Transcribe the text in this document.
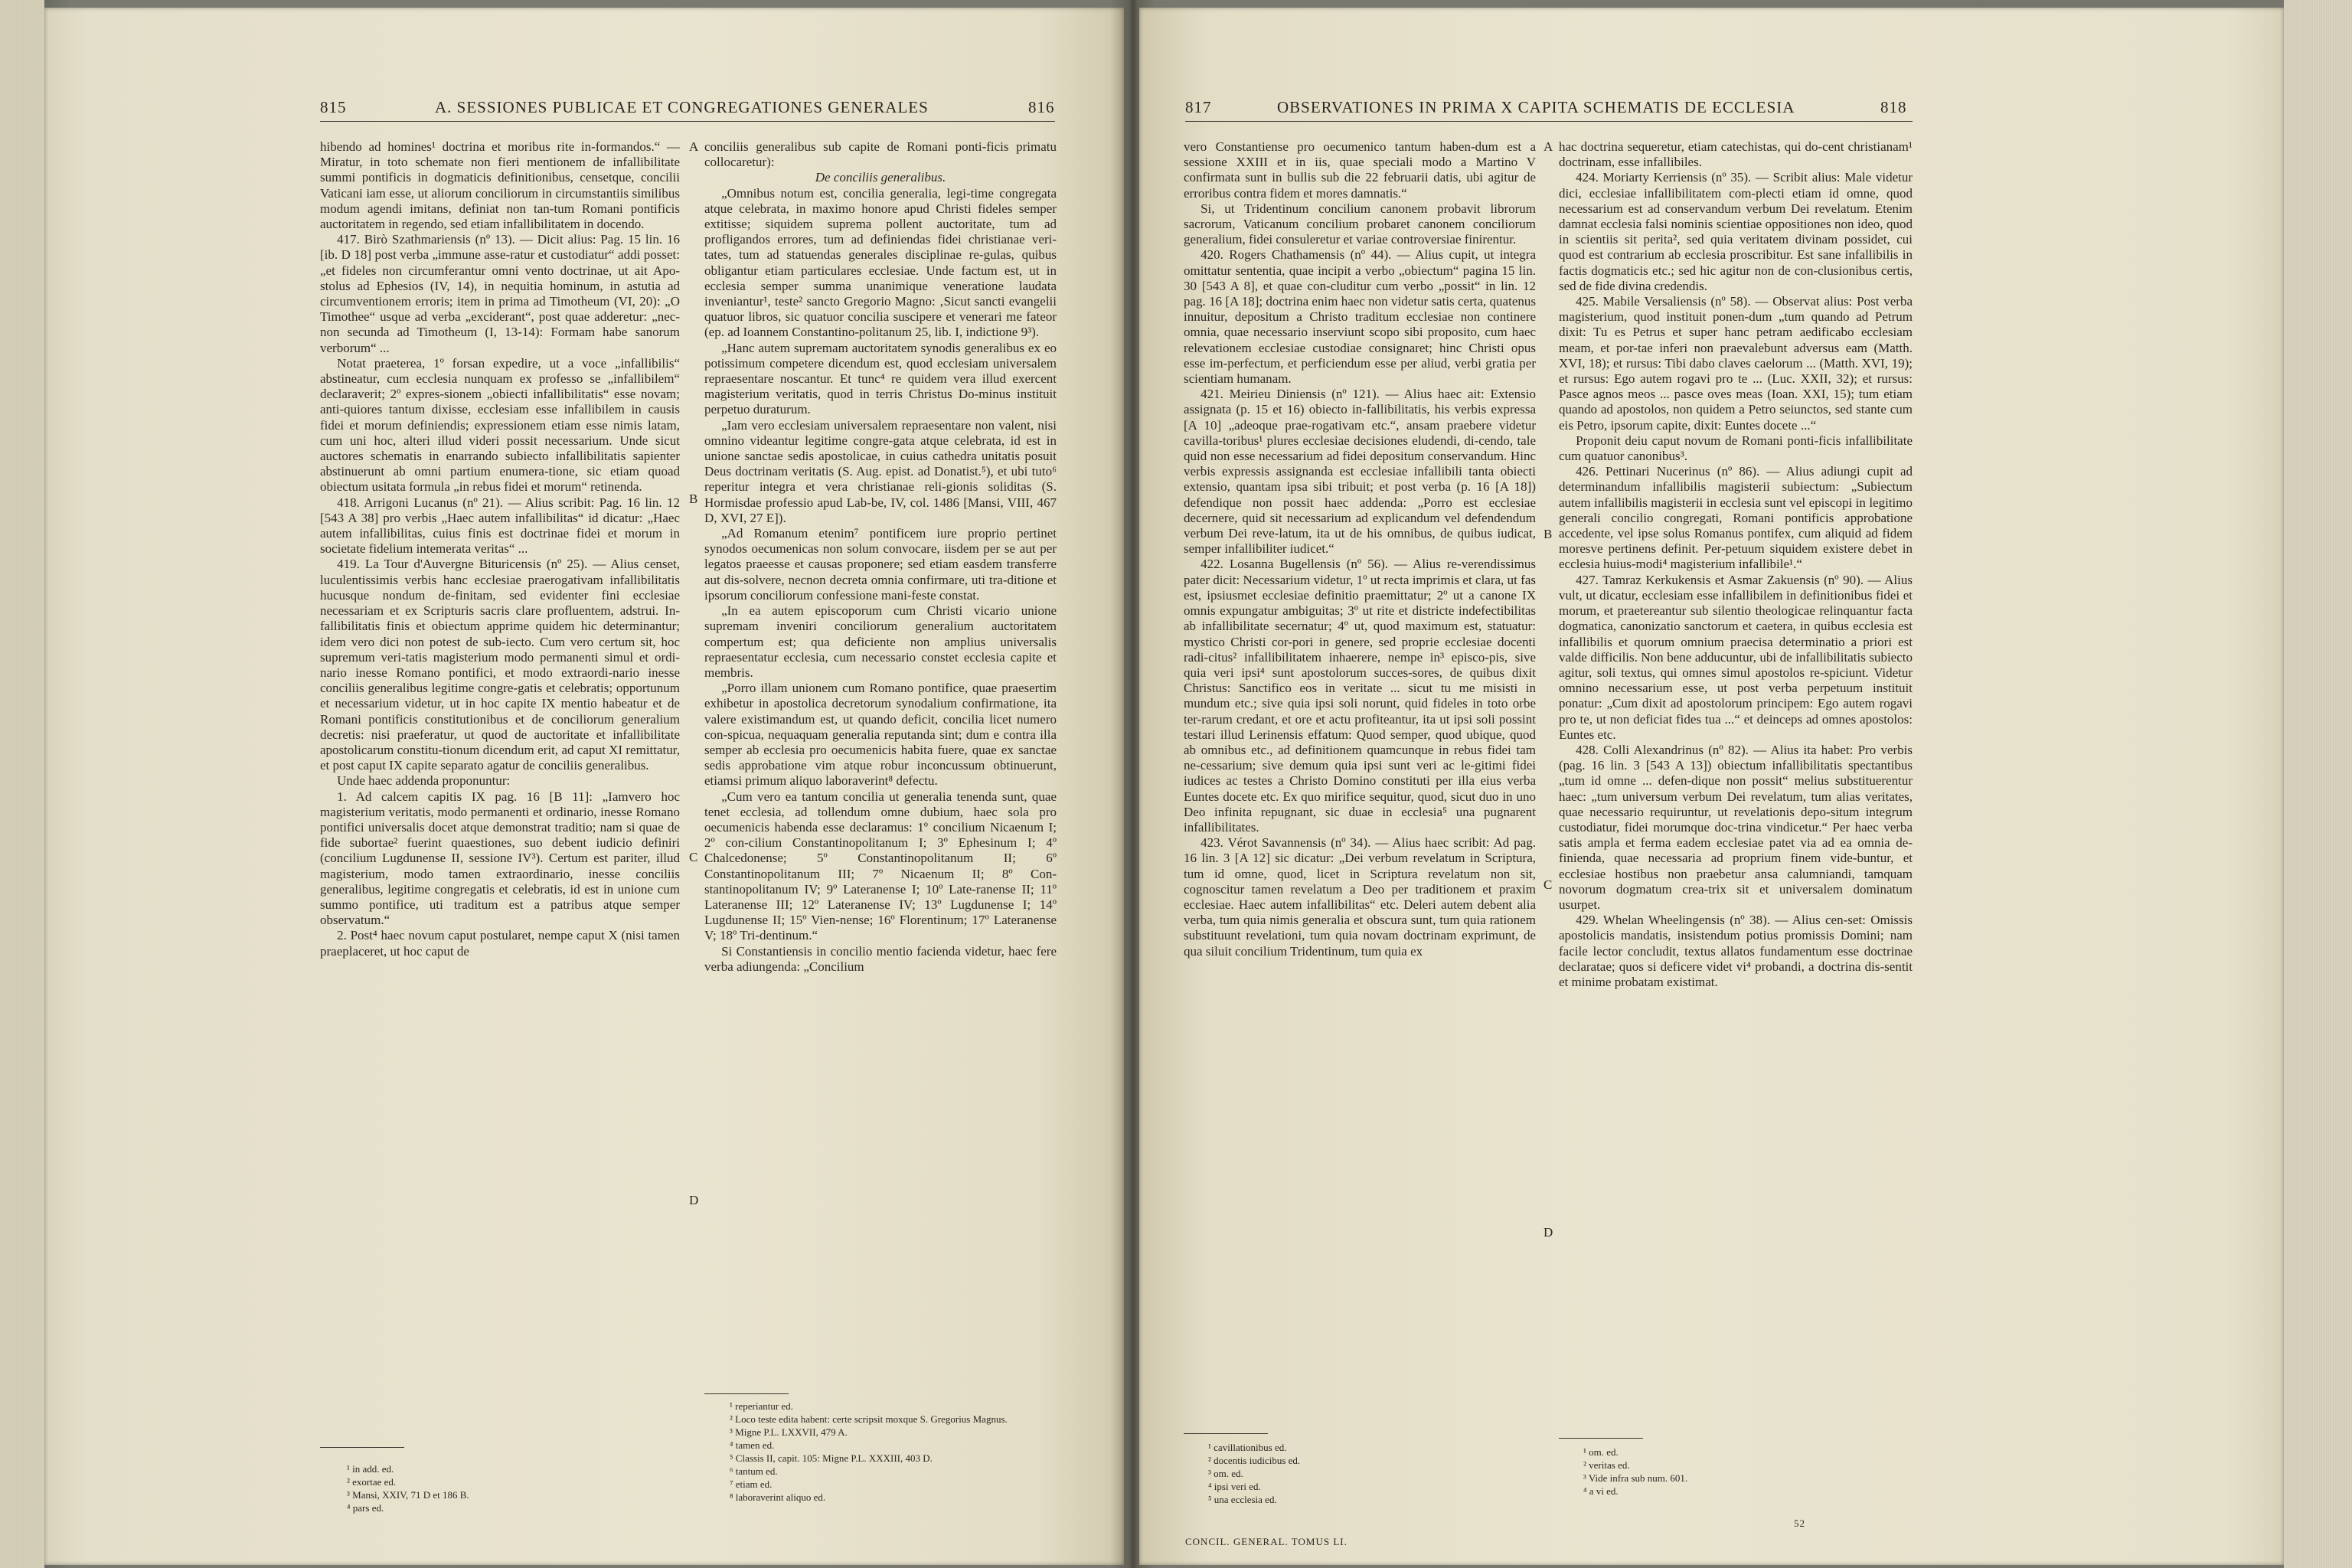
815	A. SESSIONES PUBLICAE ET CONGREGATIONES GENERALES	816

hibendo ad homines¹ doctrina et moribus rite in-formandos.“ — Miratur, in toto schemate non fieri mentionem de infallibilitate summi pontificis in dogmaticis definitionibus, censetque, concilii Vaticani iam esse, ut aliorum conciliorum in circumstantiis similibus modum agendi imitans, definiat non tan-tum Romani pontificis auctoritatem in regendo, sed etiam infallibilitatem in docendo.

417. Birò Szathmariensis (nº 13). — Dicit alius: Pag. 15 lin. 16 [ib. D 18] post verba „immune asse-ratur et custodiatur“ addi posset: „et fideles non circumferantur omni vento doctrinae, ut ait Apo-stolus ad Ephesios (IV, 14), in nequitia hominum, in astutia ad circumventionem erroris; item in prima ad Timotheum (VI, 20): „O Timothee“ usque ad verba „exciderant“, post quae adderetur: „nec-non secunda ad Timotheum (I, 13-14): Formam habe sanorum verborum“ ...

Notat praeterea, 1º forsan expedire, ut a voce „infallibilis“ abstineatur, cum ecclesia nunquam ex professo se „infallibilem“ declaraverit; 2º expres-sionem „obiecti infallibilitatis“ esse novam; anti-quiores tantum dixisse, ecclesiam esse infallibilem in causis fidei et morum definiendis; expressionem etiam esse nimis latam, cum uni hoc, alteri illud videri possit necessarium. Unde sicut auctores schematis in enarrando subiecto infallibilitatis sapienter abstinuerunt ab omni partium enumera-tione, sic etiam quoad obiectum usitata formula „in rebus fidei et morum“ retinenda.

418. Arrigoni Lucanus (nº 21). — Alius scribit: Pag. 16 lin. 12 [543 A 38] pro verbis „Haec autem infallibilitas“ id dicatur: „Haec autem infallibilitas, cuius finis est doctrinae fidei et morum in societate fidelium intemerata veritas“ ...

419. La Tour d'Auvergne Bituricensis (nº 25). — Alius censet, luculentissimis verbis hanc ecclesiae praerogativam infallibilitatis hucusque nondum de-finitam, sed evidenter fini ecclesiae necessariam et ex Scripturis sacris clare profluentem, adstrui. In-fallibilitatis finis et obiectum apprime quidem hic determinantur; idem vero dici non potest de sub-iecto. Cum vero certum sit, hoc supremum veri-tatis magisterium modo permanenti simul et ordi-nario inesse Romano pontifici, et modo extraordi-nario inesse conciliis generalibus legitime congre-gatis et celebratis; opportunum et necessarium videtur, ut in hoc capite IX mentio habeatur et de Romani pontificis constitutionibus et de conciliorum generalium decretis: nisi praeferatur, ut quod de auctoritate et infallibilitate apostolicarum constitu-tionum dicendum erit, ad caput XI remittatur, et post caput IX capite separato agatur de conciliis generalibus.

Unde haec addenda proponuntur:

1. Ad calcem capitis IX pag. 16 [B 11]: „Iamvero hoc magisterium veritatis, modo permanenti et ordinario, inesse Romano pontifici universalis docet atque demonstrat traditio; nam si quae de fide subortae² fuerint quaestiones, suo debent iudicio definiri (concilium Lugdunense II, sessione IV³). Certum est pariter, illud magisterium, modo tamen extraordinario, inesse conciliis generalibus, legitime congregatis et celebratis, id est in unione cum summo pontifice, uti traditum est a patribus atque semper observatum.“

2. Post⁴ haec novum caput postularet, nempe caput X (nisi tamen praeplaceret, ut hoc caput de

A
B
C
D

conciliis generalibus sub capite de Romani ponti-ficis primatu collocaretur):

De conciliis generalibus.

„Omnibus notum est, concilia generalia, legi-time congregata atque celebrata, in maximo honore apud Christi fideles semper extitisse; siquidem suprema pollent auctoritate, tum ad profligandos errores, tum ad definiendas fidei christianae veri-tates, tum ad statuendas generales disciplinae re-gulas, quibus obligantur etiam particulares ecclesiae. Unde factum est, ut in ecclesia semper summa unanimique veneratione laudata inveniantur¹, teste² sancto Gregorio Magno: ‚Sicut sancti evangelii quatuor libros, sic quatuor concilia suscipere et venerari me fateor (ep. ad Ioannem Constantino-politanum 25, lib. I, indictione 9³).

„Hanc autem supremam auctoritatem synodis generalibus ex eo potissimum competere dicendum est, quod ecclesiam universalem repraesentare noscantur. Et tunc⁴ re quidem vera illud exercent magisterium veritatis, quod in terris Christus Do-minus instituit perpetuo duraturum.

„Iam vero ecclesiam universalem repraesentare non valent, nisi omnino videantur legitime congre-gata atque celebrata, id est in unione sanctae sedis apostolicae, in cuius cathedra unitatis posuit Deus doctrinam veritatis (S. Aug. epist. ad Donatist.⁵), et ubi tuto⁶ reperitur integra et vera christianae reli-gionis soliditas (S. Hormisdae professio apud Lab-be, IV, col. 1486 [Mansi, VIII, 467 D, XVI, 27 E]).

„Ad Romanum etenim⁷ pontificem iure proprio pertinet synodos oecumenicas non solum convocare, iisdem per se aut per legatos praeesse et causas proponere; sed etiam easdem transferre aut dis-solvere, necnon decreta omnia confirmare, uti tra-ditione et ipsorum conciliorum confessione mani-feste constat.

„In ea autem episcoporum cum Christi vicario unione supremam inveniri conciliorum generalium auctoritatem compertum est; qua deficiente non amplius universalis repraesentatur ecclesia, cum necessario constet ecclesia capite et membris.

„Porro illam unionem cum Romano pontifice, quae praesertim exhibetur in apostolica decretorum synodalium confirmatione, ita valere existimandum est, ut quando deficit, concilia licet numero con-spicua, nequaquam generalia reputanda sint; dum e contra illa semper ab ecclesia pro oecumenicis habita fuere, quae ex sanctae sedis approbatione vim atque robur inconcussum obtinuerunt, etiamsi primum aliquo laboraverint⁸ defectu.

„Cum vero ea tantum concilia ut generalia tenenda sunt, quae tenet ecclesia, ad tollendum omne dubium, haec sola pro oecumenicis habenda esse declaramus: 1º concilium Nicaenum I; 2º con-cilium Constantinopolitanum I; 3º Ephesinum I; 4º Chalcedonense; 5º Constantinopolitanum II; 6º Constantinopolitanum III; 7º Nicaenum II; 8º Con-stantinopolitanum IV; 9º Lateranense I; 10º Late-ranense II; 11º Lateranense III; 12º Lateranense IV; 13º Lugdunense I; 14º Lugdunense II; 15º Vien-nense; 16º Florentinum; 17º Lateranense V; 18º Tri-dentinum.“

Si Constantiensis in concilio mentio facienda videtur, haec fere verba adiungenda: „Concilium

¹ in add. ed.
² exortae ed.
³ Mansi, XXIV, 71 D et 186 B.
⁴ pars ed.
¹ reperiantur ed.
² Loco teste edita habent: certe scripsit moxque S. Gregorius Magnus.
³ Migne P.L. LXXVII, 479 A.
⁴ tamen ed.
⁵ Classis II, capit. 105: Migne P.L. XXXIII, 403 D.
⁶ tantum ed.
⁷ etiam ed.
⁸ laboraverint aliquo ed.
817	OBSERVATIONES IN PRIMA X CAPITA SCHEMATIS DE ECCLESIA	818

vero Constantiense pro oecumenico tantum haben-dum est a sessione XXIII et in iis, quae speciali modo a Martino V confirmata sunt in bullis sub die 22 februarii datis, ubi agitur de erroribus contra fidem et mores damnatis.“

Si, ut Tridentinum concilium canonem probavit librorum sacrorum, Vaticanum concilium probaret canonem conciliorum generalium, fidei consuleretur et variae controversiae finirentur.

420. Rogers Chathamensis (nº 44). — Alius cupit, ut integra omittatur sententia, quae incipit a verbo „obiectum“ pagina 15 lin. 30 [543 A 8], et quae con-cluditur cum verbo „possit“ in lin. 12 pag. 16 [A 18]; doctrina enim haec non videtur satis certa, quatenus innuitur, depositum a Christo traditum ecclesiae non continere omnia, quae necessario inserviunt scopo sibi proposito, cum haec relevationem ecclesiae custodiae consignaret; hinc Christi opus esse im-perfectum, et perficiendum esse per aliud, verbi gratia per scientiam humanam.

421. Meirieu Diniensis (nº 121). — Alius haec ait: Extensio assignata (p. 15 et 16) obiecto in-fallibilitatis, his verbis expressa [A 10] „adeoque prae-rogativam etc.“, ansam praebere videtur cavilla-toribus¹ plures ecclesiae decisiones eludendi, di-cendo, tale quid non esse necessarium ad fidei depositum conservandum. Hinc verbis expressis assignanda est ecclesiae infallibili tanta obiecti extensio, quantam ipsa sibi tribuit; et post verba (p. 16 [A 18]) defendique non possit haec addenda: „Porro est ecclesiae decernere, quid sit necessarium ad explicandum vel defendendum verbum Dei reve-latum, ita ut de his omnibus, de quibus iudicat, semper infallibiliter iudicet.“

422. Losanna Bugellensis (nº 56). — Alius re-verendissimus pater dicit: Necessarium videtur, 1º ut recta imprimis et clara, ut fas est, ipsiusmet ecclesiae definitio praemittatur; 2º ut a canone IX omnis expungatur ambiguitas; 3º ut rite et districte indefectibilitas ab infallibilitate secernatur; 4º ut, quod maximum est, statuatur: mystico Christi cor-pori in genere, sed proprie ecclesiae docenti radi-citus² infallibilitatem inhaerere, nempe in³ episco-pis, sive quia veri ipsi⁴ sunt apostolorum succes-sores, de quibus dixit Christus: Sanctifico eos in veritate ... sicut tu me misisti in mundum etc.; sive quia ipsi soli norunt, quid fideles in toto orbe ter-rarum credant, et ore et actu profiteantur, ita ut ipsi soli possint testari illud Lerinensis effatum: Quod semper, quod ubique, quod ab omnibus etc., ad definitionem quamcunque in rebus fidei tam ne-cessarium; sive demum quia ipsi sunt veri ac le-gitimi fidei iudices ac testes a Christo Domino constituti per illa eius verba Euntes docete etc. Ex quo mirifice sequitur, quod, sicut duo in uno Deo infinita repugnant, sic duae in ecclesia⁵ una pugnarent infallibilitates.

423. Vérot Savannensis (nº 34). — Alius haec scribit: Ad pag. 16 lin. 3 [A 12] sic dicatur: „Dei verbum revelatum in Scriptura, tum id omne, quod, licet in Scriptura revelatum non sit, cognoscitur tamen revelatum a Deo per traditionem et praxim ecclesiae. Haec autem infallibilitas“ etc. Deleri autem debent alia verba, tum quia nimis generalia et obscura sunt, tum quia rationem substituunt revelationi, tum quia novam doctrinam exprimunt, de qua siluit concilium Tridentinum, tum quia ex

A
B
C
D

hac doctrina sequeretur, etiam catechistas, qui do-cent christianam¹ doctrinam, esse infallibiles.

424. Moriarty Kerriensis (nº 35). — Scribit alius: Male videtur dici, ecclesiae infallibilitatem com-plecti etiam id omne, quod necessarium est ad conservandum verbum Dei revelatum. Etenim damnat ecclesia falsi nominis scientiae oppositiones non ideo, quod in scientiis sit perita², sed quia veritatem divinam possidet, cui quod est contrarium ab ecclesia proscribitur. Est sane infallibilis in factis dogmaticis etc.; sed hic agitur non de con-clusionibus certis, sed de fide divina credendis.

425. Mabile Versaliensis (nº 58). — Observat alius: Post verba magisterium, quod instituit ponen-dum „tum quando ad Petrum dixit: Tu es Petrus et super hanc petram aedificabo ecclesiam meam, et por-tae inferi non praevalebunt adversus eam (Matth. XVI, 18); et rursus: Tibi dabo claves caelorum ... (Matth. XVI, 19); et rursus: Ego autem rogavi pro te ... (Luc. XXII, 32); et rursus: Pasce agnos meos ... pasce oves meas (Ioan. XXI, 15); tum etiam quando ad apostolos, non quidem a Petro seiunctos, sed stante cum eis Petro, ipsorum capite, dixit: Euntes docete ...“

Proponit deiu caput novum de Romani ponti-ficis infallibilitate cum quatuor canonibus³.

426. Pettinari Nucerinus (nº 86). — Alius adiungi cupit ad determinandum infallibilis magisterii subiectum: „Subiectum autem infallibilis magisterii in ecclesia sunt vel episcopi in legitimo generali concilio congregati, Romani pontificis approbatione accedente, vel ipse solus Romanus pontifex, cum aliquid ad fidem moresve pertinens definit. Per-petuum siquidem existere debet in ecclesia huius-modi⁴ magisterium infallibile¹.“

427. Tamraz Kerkukensis et Asmar Zakuensis (nº 90). — Alius vult, ut dicatur, ecclesiam esse infallibilem in definitionibus fidei et morum, et praetereantur sub silentio theologicae relinquantur facta dogmatica, canonizatio sanctorum et caetera, in quibus ecclesia est infallibilis et quorum omnium praecisa determinatio a priori est valde difficilis. Non bene adducuntur, ubi de infallibilitatis subiecto agitur, soli textus, qui omnes simul apostolos re-spiciunt. Videtur omnino necessarium esse, ut post verba perpetuum instituit ponatur: „Cum dixit ad apostolorum principem: Ego autem rogavi pro te, ut non deficiat fides tua ...“ et deinceps ad omnes apostolos: Euntes etc.

428. Colli Alexandrinus (nº 82). — Alius ita habet: Pro verbis (pag. 16 lin. 3 [543 A 13]) obiectum infallibilitatis spectantibus „tum id omne ... defen-dique non possit“ melius substituerentur haec: „tum universum verbum Dei revelatum, tum alias veritates, quae necessario requiruntur, ut revelationis depo-situm integrum custodiatur, fidei morumque doc-trina vindicetur.“ Per haec verba satis ampla et ferma eadem ecclesiae patet via ad ea omnia de-finienda, quae necessaria ad proprium finem vide-buntur, et ecclesiae hostibus non praebetur ansa calumniandi, tamquam novorum dogmatum crea-trix sit et universalem dominatum usurpet.

429. Whelan Wheelingensis (nº 38). — Alius cen-set: Omissis apostolicis mandatis, insistendum potius promissis Domini; nam facile lector concludit, textus allatos fundamentum esse doctrinae declaratae; quos si deficere videt vi⁴ probandi, a doctrina dis-sentit et minime probatam existimat.

¹ cavillationibus ed.
² docentis iudicibus ed.
³ om. ed.
⁴ ipsi veri ed.
⁵ una ecclesia ed.
¹ om. ed.
² veritas ed.
³ Vide infra sub num. 601.
⁴ a vi ed.
CONCIL. GENERAL. TOMUS LI.
52
